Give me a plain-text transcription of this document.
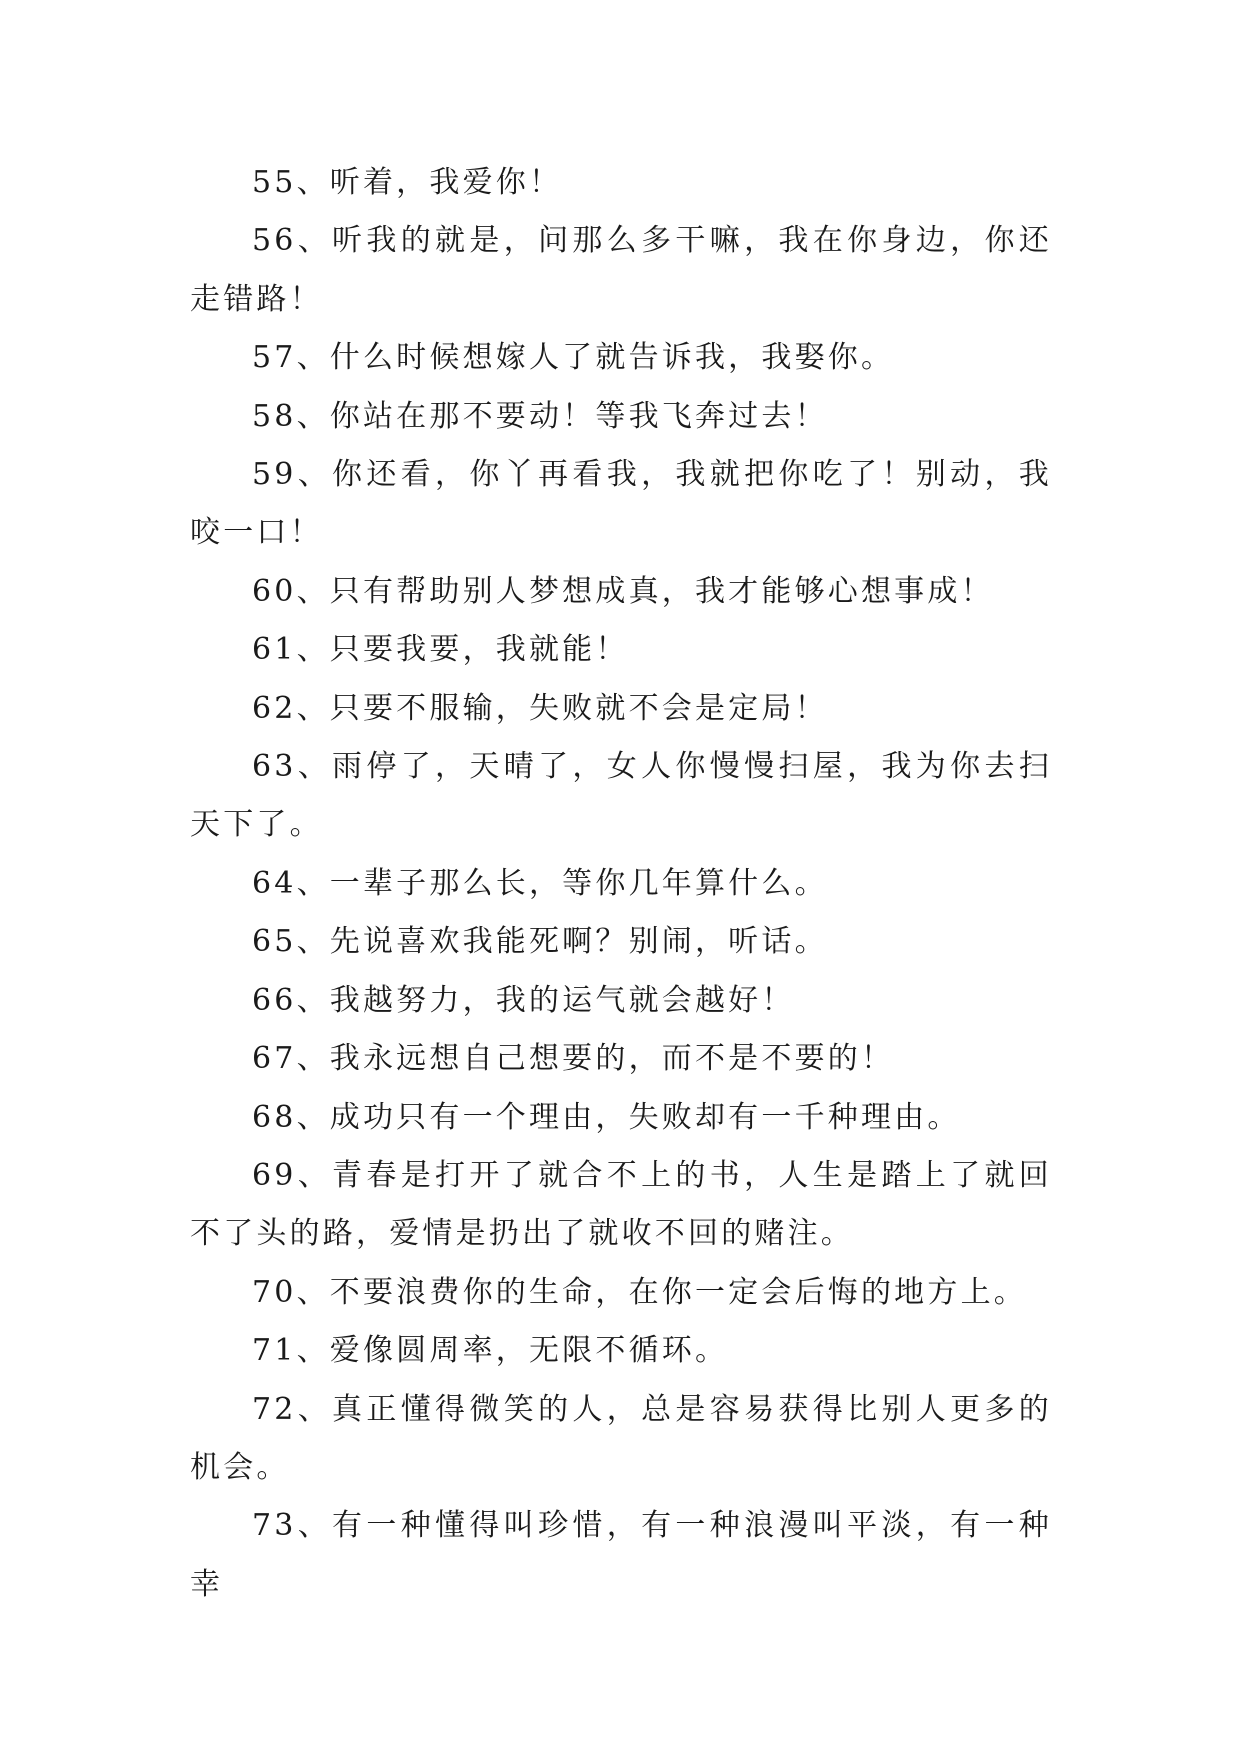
55、听着，我爱你！

56、听我的就是，问那么多干嘛，我在你身边，你还走错路！

57、什么时候想嫁人了就告诉我，我娶你。

58、你站在那不要动！等我飞奔过去！

59、你还看，你丫再看我，我就把你吃了！别动，我咬一口！

60、只有帮助别人梦想成真，我才能够心想事成！

61、只要我要，我就能！

62、只要不服输，失败就不会是定局！

63、雨停了，天晴了，女人你慢慢扫屋，我为你去扫天下了。

64、一辈子那么长，等你几年算什么。

65、先说喜欢我能死啊？别闹，听话。

66、我越努力，我的运气就会越好！

67、我永远想自己想要的，而不是不要的！

68、成功只有一个理由，失败却有一千种理由。

69、青春是打开了就合不上的书，人生是踏上了就回不了头的路，爱情是扔出了就收不回的赌注。

70、不要浪费你的生命，在你一定会后悔的地方上。

71、爱像圆周率，无限不循环。

72、真正懂得微笑的人，总是容易获得比别人更多的机会。

73、有一种懂得叫珍惜，有一种浪漫叫平淡，有一种幸
